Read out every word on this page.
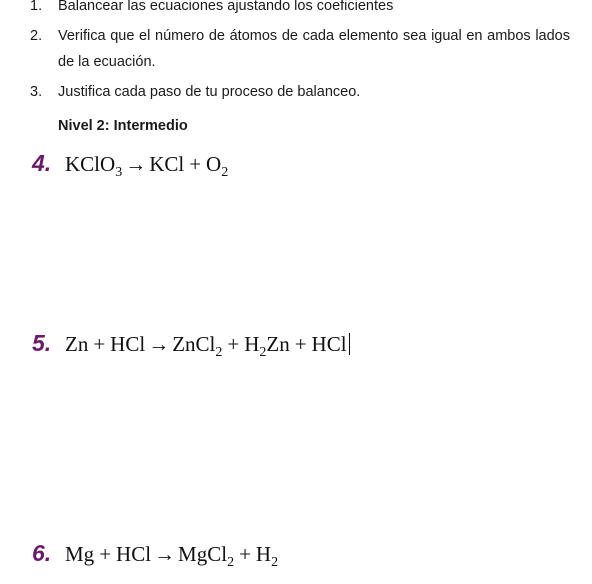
1. Balancear las ecuaciones ajustando los coeficientes
2. Verifica que el número de átomos de cada elemento sea igual en ambos lados de la ecuación.
3. Justifica cada paso de tu proceso de balanceo.
Nivel 2: Intermedio
4. KClO$_3$ → KCl + $O_2$
5. Zn + HCl → ZnCl$_2$ + $H_2Zn$ + HCl
6. Mg + HCl → MgCl$_2$ + $H_2$
